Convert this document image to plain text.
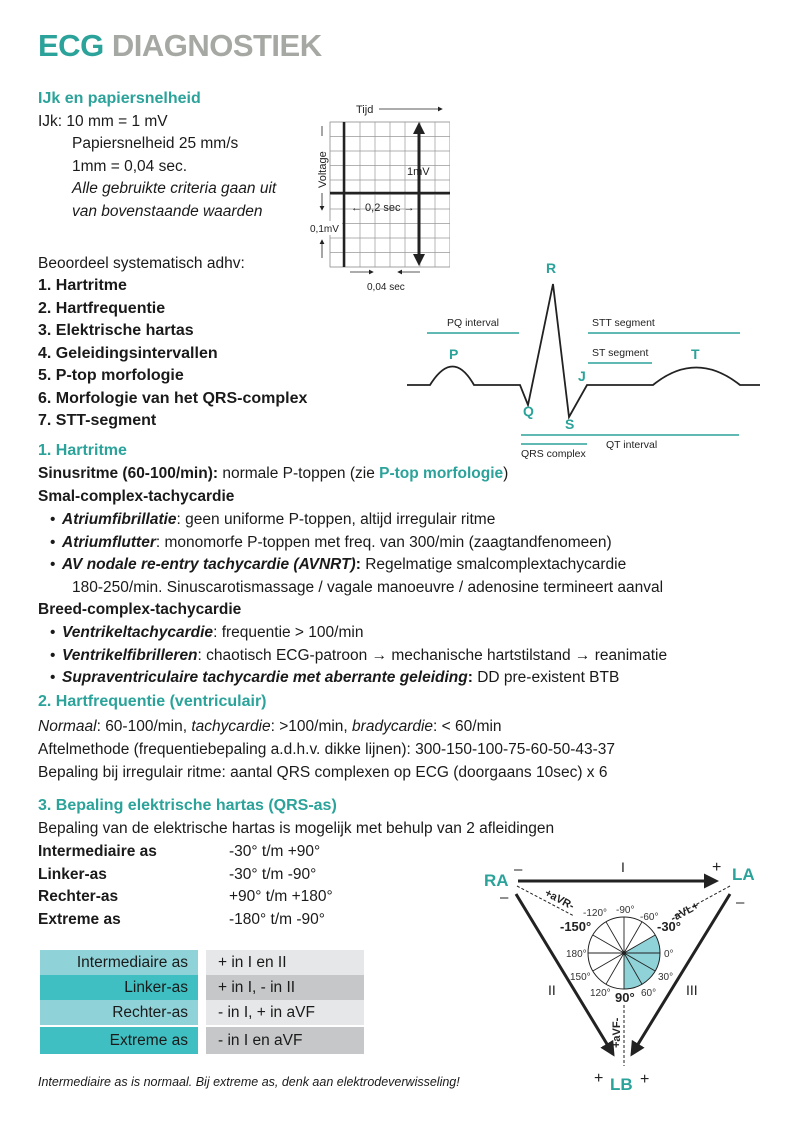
ECG DIAGNOSTIEK
IJk en papiersnelheid
IJk: 10 mm = 1 mV
Papiersnelheid 25 mm/s
1mm = 0,04 sec.
Alle gebruikte criteria gaan uit
van bovenstaande waarden
Tijd
Voltage	1mV
← 0,2 sec →
0,1mV
0,04 sec
Beoordeel systematisch adhv:
1. Hartritme
2. Hartfrequentie
3. Elektrische hartas
4. Geleidingsintervallen
5. P-top morfologie
6. Morfologie van het QRS-complex
7. STT-segment
R
P
Q
S
J
T
PQ interval	STT segment
ST segment
QT interval
QRS complex
1. Hartritme
Sinusritme (60-100/min): normale P-toppen (zie P-top morfologie)
Smal-complex-tachycardie
• Atriumfibrillatie: geen uniforme P-toppen, altijd irregulair ritme
• Atriumflutter: monomorfe P-toppen met freq. van 300/min (zaagtandfenomeen)
• AV nodale re-entry tachycardie (AVNRT): Regelmatige smalcomplextachycardie
180-250/min. Sinuscarotismassage / vagale manoeuvre / adenosine termineert aanval
Breed-complex-tachycardie
• Ventrikeltachycardie: frequentie > 100/min
• Ventrikelfibrilleren: chaotisch ECG-patroon → mechanische hartstilstand → reanimatie
• Supraventriculaire tachycardie met aberrante geleiding: DD pre-existent BTB
2. Hartfrequentie (ventriculair)
Normaal: 60-100/min, tachycardie: >100/min, bradycardie: < 60/min
Aftelmethode (frequentiebepaling a.d.h.v. dikke lijnen): 300-150-100-75-60-50-43-37
Bepaling bij irregulair ritme: aantal QRS complexen op ECG (doorgaans 10sec) x 6
3. Bepaling elektrische hartas (QRS-as)
Bepaling van de elektrische hartas is mogelijk met behulp van 2 afleidingen
Intermediaire as	-30° t/m +90°
Linker-as	-30° t/m -90°
Rechter-as	+90° t/m +180°
Extreme as	-180° t/m -90°
Intermediaire as	+ in I en II
Linker-as	+ in I, - in II
Rechter-as	- in I, + in aVF
Extreme as	- in I en aVF
Intermediaire as is normaal. Bij extreme as, denk aan elektrodeverwisseling!
RA	LA
LB
–
–
+
–
+ +
I
II	III
+aVR-	-aVL+
+aVF-
-120° -90°
-60°
-150°	-30°
180°	0°
150°	30°
120°	60°
90°
